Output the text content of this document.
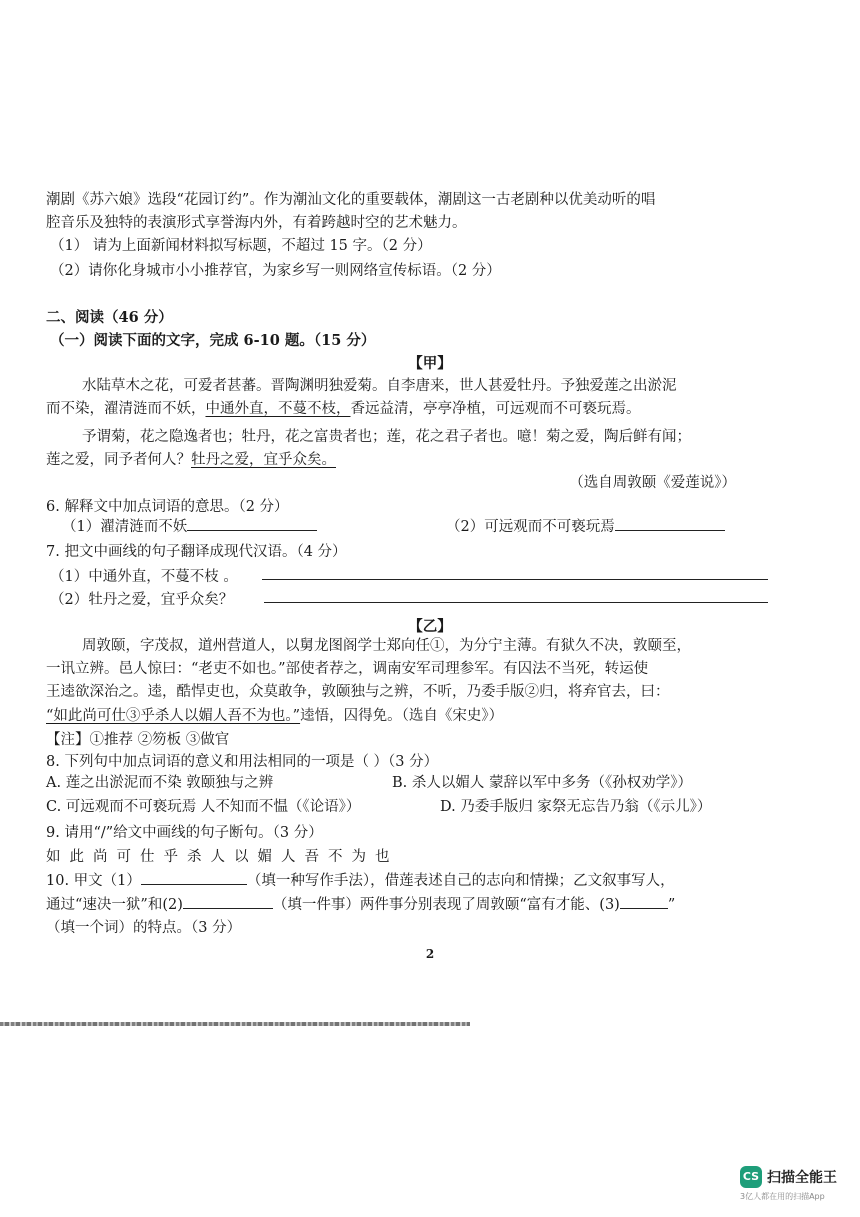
潮剧《苏六娘》选段“花园订约”。作为潮汕文化的重要载体，潮剧这一古老剧种以优美动听的唱
腔音乐及独特的表演形式享誉海内外，有着跨越时空的艺术魅力。
（1） 请为上面新闻材料拟写标题，不超过 15 字。（2 分）
（2）请你化身城市小小推荐官，为家乡写一则网络宣传标语。（2 分）
二、阅读（46 分）
（一）阅读下面的文字，完成 6-10 题。（15 分）
【甲】
水陆草木之花，可爱者甚蕃。晋陶渊明独爱菊。自李唐来，世人甚爱牡丹。予独爱莲之出淤泥
而不染，濯清涟而不妖，中通外直，不蔓不枝，香远益清，亭亭净植，可远观而不可亵玩焉。
予谓菊，花之隐逸者也；牡丹，花之富贵者也；莲，花之君子者也。噫！菊之爱，陶后鲜有闻；
莲之爱，同予者何人？牡丹之爱，宜乎众矣。
（选自周敦颐《爱莲说》）
6. 解释文中加点词语的意思。（2 分）
（1）濯清涟而不妖	（2）可远观而不可亵玩焉
7. 把文中画线的句子翻译成现代汉语。（4 分）
（1）中通外直，不蔓不枝 。
（2）牡丹之爱，宜乎众矣？
【乙】
周敦颐，字茂叔，道州营道人，以舅龙图阁学士郑向任①，为分宁主薄。有狱久不决，敦颐至，
一讯立辨。邑人惊曰：“老吏不如也。”部使者荐之，调南安军司理参军。有囚法不当死，转运使
王逵欲深治之。逵，酷悍吏也，众莫敢争，敦颐独与之辨，不听，乃委手版②归，将弃官去，曰：
“如此尚可仕③乎杀人以媚人吾不为也。”逵悟，囚得免。（选自《宋史》）
【注】①推荐 ②笏板 ③做官
8. 下列句中加点词语的意义和用法相同的一项是（ ）（3 分）
A. 莲之出淤泥而不染 敦颐独与之辨	B. 杀人以媚人 蒙辞以军中多务（《孙权劝学》）
C. 可远观而不可亵玩焉 人不知而不愠（《论语》）	D. 乃委手版归 家祭无忘告乃翁（《示儿》）
9. 请用“/”给文中画线的句子断句。（3 分）
如此尚可仕乎杀人以媚人吾不为也
10. 甲文（1）	（填一种写作手法），借莲表述自己的志向和情操；乙文叙事写人，
通过“速决一狱”和(2)	（填一件事）两件事分别表现了周敦颐“富有才能、(3)	”
（填一个词）的特点。（3 分）
2
CS 扫描全能王
3亿人都在用的扫描App
